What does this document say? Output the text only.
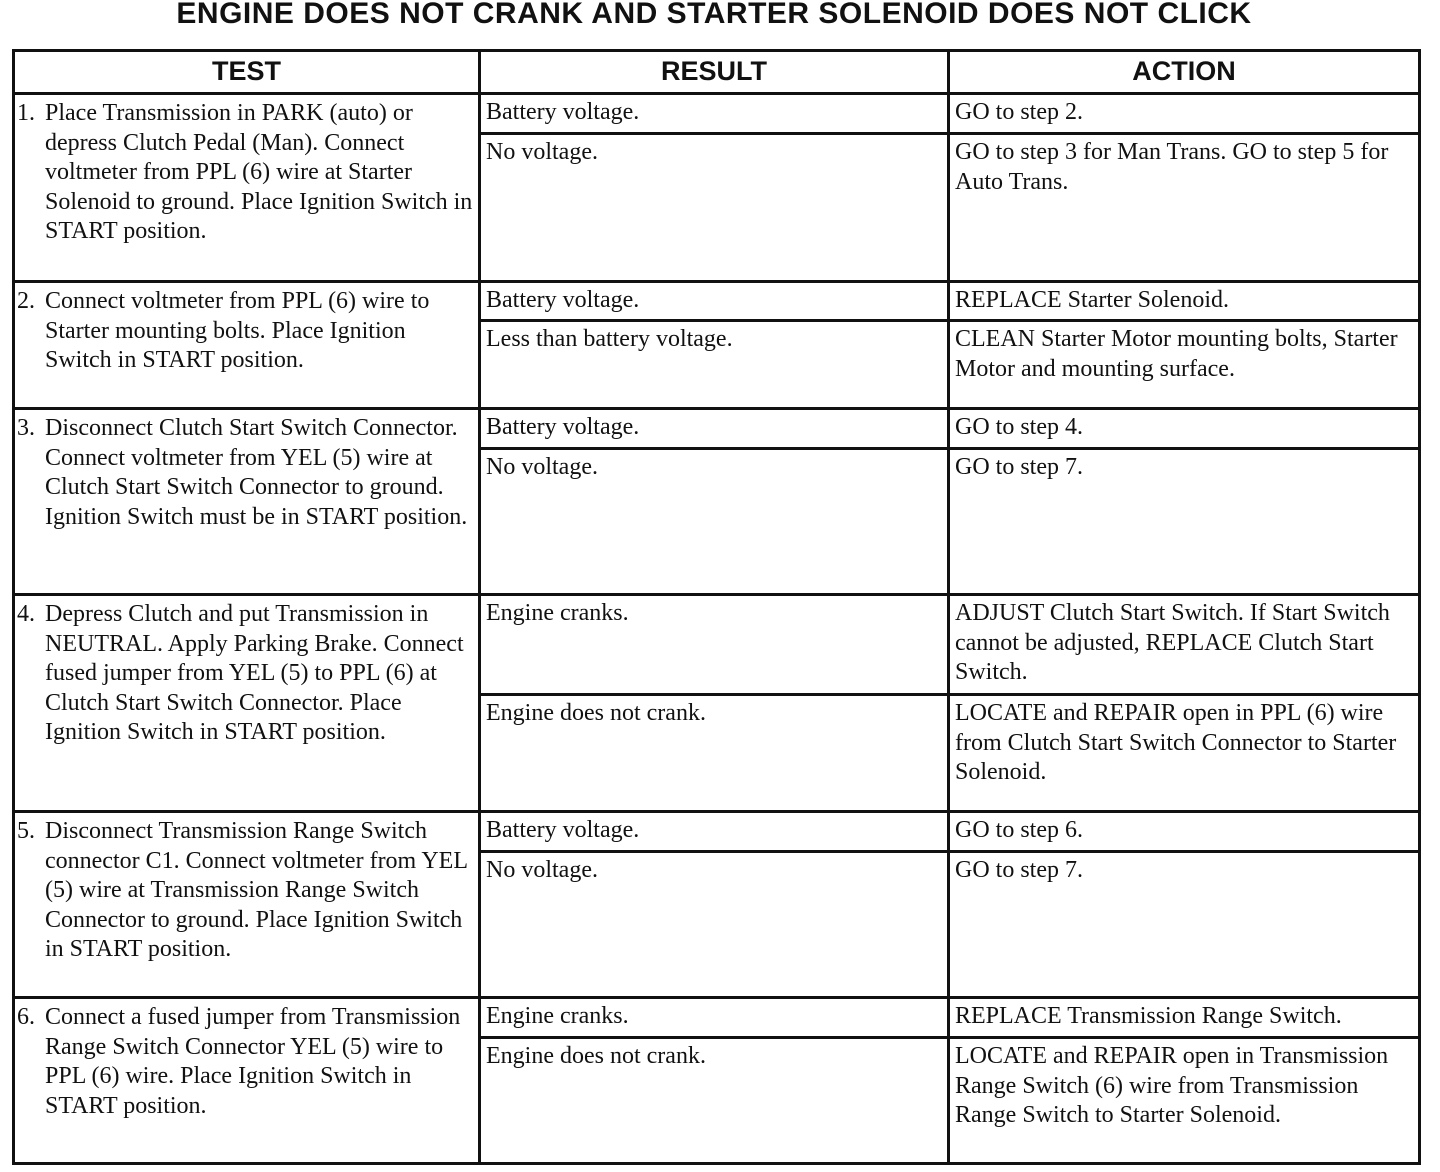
ENGINE DOES NOT CRANK AND STARTER SOLENOID DOES NOT CLICK
TEST	RESULT	ACTION
1. Place Transmission in PARK (auto) or depress Clutch Pedal (Man). Connect voltmeter from PPL (6) wire at Starter Solenoid to ground. Place Ignition Switch in START position.	Battery voltage.	GO to step 2.
	No voltage.	GO to step 3 for Man Trans. GO to step 5 for Auto Trans.
2. Connect voltmeter from PPL (6) wire to Starter mounting bolts. Place Ignition Switch in START position.	Battery voltage.	REPLACE Starter Solenoid.
	Less than battery voltage.	CLEAN Starter Motor mounting bolts, Starter Motor and mounting surface.
3. Disconnect Clutch Start Switch Connector. Connect voltmeter from YEL (5) wire at Clutch Start Switch Connector to ground. Ignition Switch must be in START position.	Battery voltage.	GO to step 4.
	No voltage.	GO to step 7.
4. Depress Clutch and put Transmission in NEUTRAL. Apply Parking Brake. Connect fused jumper from YEL (5) to PPL (6) at Clutch Start Switch Connector. Place Ignition Switch in START position.	Engine cranks.	ADJUST Clutch Start Switch. If Start Switch cannot be adjusted, REPLACE Clutch Start Switch.
	Engine does not crank.	LOCATE and REPAIR open in PPL (6) wire from Clutch Start Switch Connector to Starter Solenoid.
5. Disconnect Transmission Range Switch connector C1. Connect voltmeter from YEL (5) wire at Transmission Range Switch Connector to ground. Place Ignition Switch in START position.	Battery voltage.	GO to step 6.
	No voltage.	GO to step 7.
6. Connect a fused jumper from Transmission Range Switch Connector YEL (5) wire to PPL (6) wire. Place Ignition Switch in START position.	Engine cranks.	REPLACE Transmission Range Switch.
	Engine does not crank.	LOCATE and REPAIR open in Transmission Range Switch (6) wire from Transmission Range Switch to Starter Solenoid.
